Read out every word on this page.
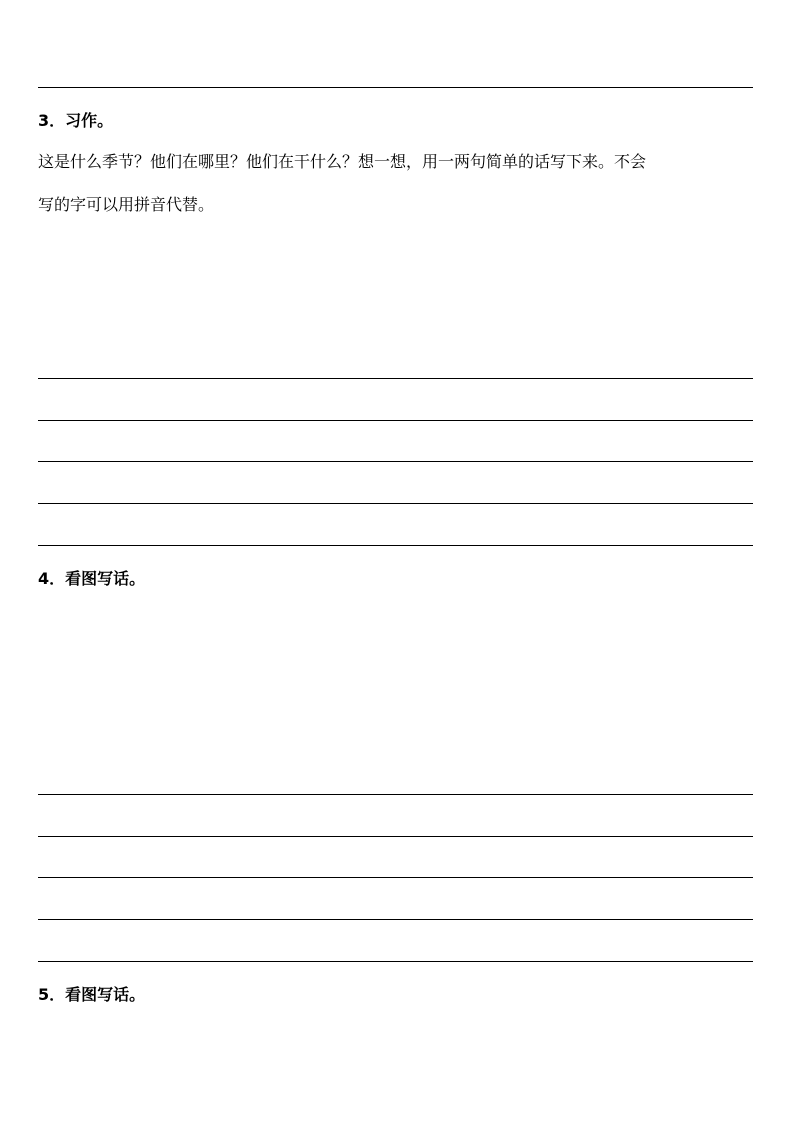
3．习作。
这是什么季节？他们在哪里？他们在干什么？想一想，用一两句简单的话写下来。不会
写的字可以用拼音代替。
4．看图写话。
5．看图写话。
